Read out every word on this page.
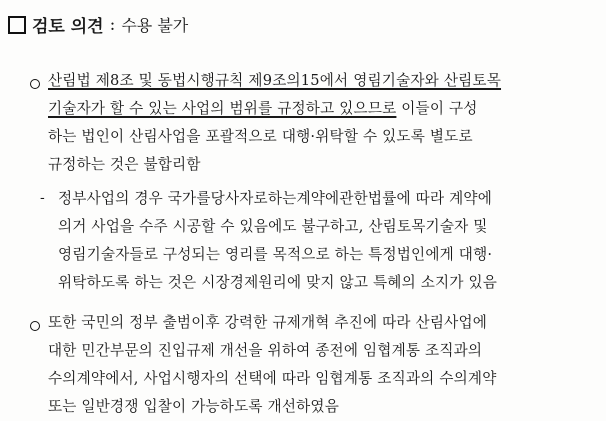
검토 의견 : 수용 불가
산림법 제8조 및 동법시행규칙 제9조의15에서 영림기술자와 산림토목
기술자가 할 수 있는 사업의 범위를 규정하고 있으므로 이들이 구성
하는 법인이 산림사업을 포괄적으로 대행·위탁할 수 있도록 별도로
규정하는 것은 불합리함
- 정부사업의 경우 국가를당사자로하는계약에관한법률에 따라 계약에
의거 사업을 수주 시공할 수 있음에도 불구하고, 산림토목기술자 및
영림기술자들로 구성되는 영리를 목적으로 하는 특정법인에게 대행·
위탁하도록 하는 것은 시장경제원리에 맞지 않고 특혜의 소지가 있음
또한 국민의 정부 출범이후 강력한 규제개혁 추진에 따라 산림사업에
대한 민간부문의 진입규제 개선을 위하여 종전에 임협계통 조직과의
수의계약에서, 사업시행자의 선택에 따라 임협계통 조직과의 수의계약
또는 일반경쟁 입찰이 가능하도록 개선하였음
